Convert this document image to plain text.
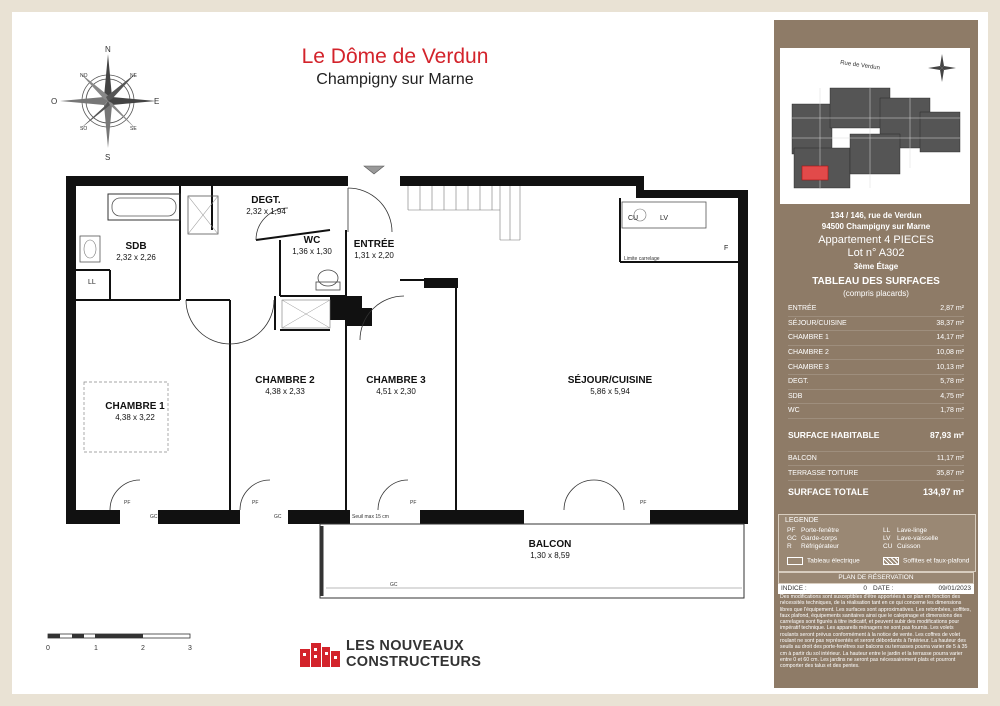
N
S
E
O
NO	NE
SO	SE
Le Dôme de Verdun
Champigny sur Marne
LL
CU	LV
F
Limite carrelage
Seuil max 15 cm
PF
GC
PF
GC
PF	PF
GC
DEGT.
2,32 x 1,94
SDB
2,32 x 2,26
WC
1,36 x 1,30
ENTRÉE
1,31 x 2,20
CHAMBRE 1
4,38 x 3,22
CHAMBRE 2
4,38 x 2,33
CHAMBRE 3
4,51 x 2,30
SÉJOUR/CUISINE
5,86 x 5,94
BALCON
1,30 x 8,59
0	1	2	3	LES NOUVEAUX
CONSTRUCTEURS
Rue de Verdun
134 / 146, rue de Verdun
94500 Champigny sur Marne
Appartement 4 PIECES
Lot n° A302
3ème Étage
TABLEAU DES SURFACES
(compris placards)
ENTRÉE	2,87 m²
SÉJOUR/CUISINE	38,37 m²
CHAMBRE 1	14,17 m²
CHAMBRE 2	10,08 m²
CHAMBRE 3	10,13 m²
DEGT.	5,78 m²
SDB	4,75 m²
WC	1,78 m²
SURFACE HABITABLE	87,93 m²
BALCON	11,17 m²
TERRASSE TOITURE	35,87 m²
SURFACE TOTALE	134,97 m²
LEGENDE
PF Porte-fenêtre
GC Garde-corps
R Réfrigérateur
LL Lave-linge
LV Lave-vaisselle
CU Cuisson
Tableau électrique	Soffites et faux-plafond
PLAN DE RÉSERVATION
INDICE :	0 DATE :	09/01/2023
Des modifications sont susceptibles d'être apportées à ce plan en fonction des nécessités techniques, de la réalisation tant en ce qui concerne les dimensions libres que l'équipement. Les surfaces sont approximatives. Les retombées, soffites, faux plafond, équipements sanitaires ainsi que le calepinage et dimensions des carrelages sont figurés à titre indicatif, et peuvent subir des modifications pour impératif technique. Les appareils ménagers ne sont pas fournis. Les volets roulants seront prévus conformément à la notice de vente. Les coffres de volet roulant ne sont pas représentés et seront débordants à l'intérieur. La hauteur des seuils au droit des porte-fenêtres sur balcons ou terrasses pourra varier de 5 à 35 cm à partir du sol intérieur. La hauteur entre le jardin et la terrasse pourra varier entre 0 et 60 cm. Les jardins ne seront pas nécessairement plats et pourront comporter des talus et des pentes.
